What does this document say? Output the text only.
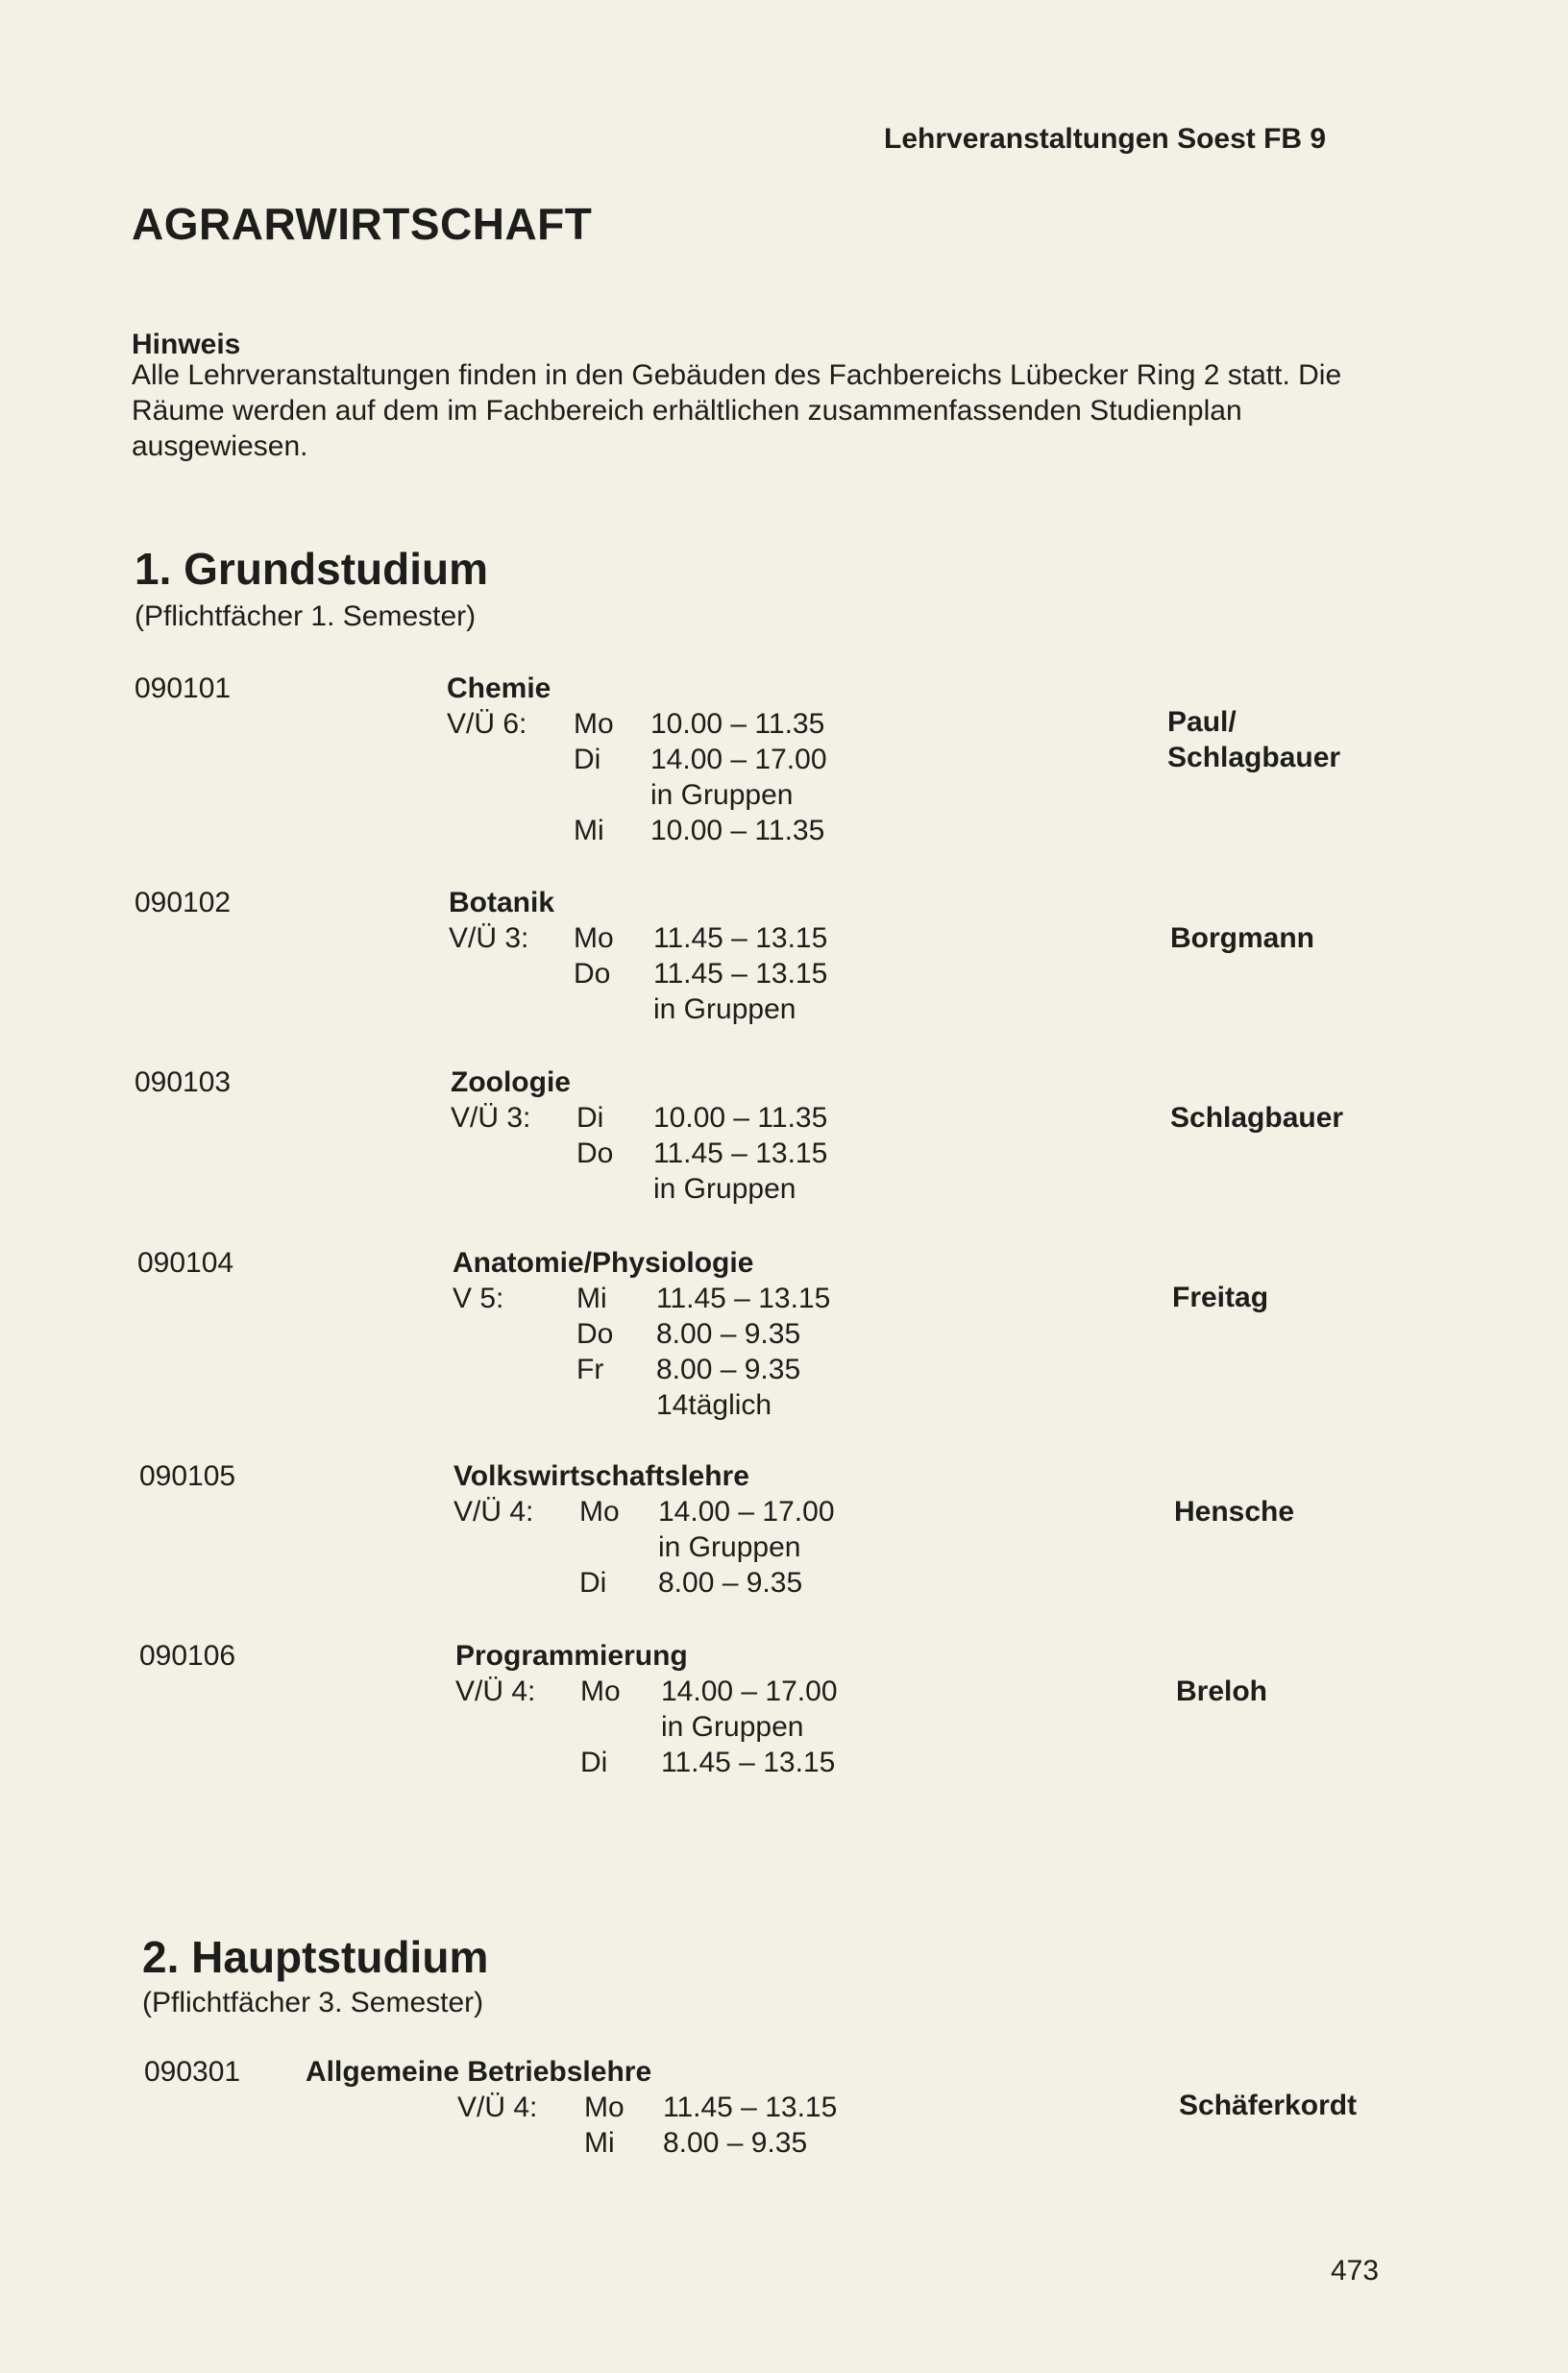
Lehrveranstaltungen Soest FB 9
AGRARWIRTSCHAFT
Hinweis
Alle Lehrveranstaltungen finden in den Gebäuden des Fachbereichs Lübecker Ring 2 statt. Die Räume werden auf dem im Fachbereich erhältlichen zusammenfassenden Studienplan ausgewiesen.
1. Grundstudium
(Pflichtfächer 1. Semester)
2. Hauptstudium
(Pflichtfächer 3. Semester)
090101	Chemie
V/Ü 6: Mo 10.00 – 11.35
Di 14.00 – 17.00
in Gruppen
Mi 10.00 – 11.35
Paul/
Schlagbauer
090102	Botanik
V/Ü 3: Mo 11.45 – 13.15
Do 11.45 – 13.15
in Gruppen
Borgmann
090103	Zoologie
V/Ü 3: Di 10.00 – 11.35
Do 11.45 – 13.15
in Gruppen
Schlagbauer
090104	Anatomie/Physiologie
V 5:	Mi 11.45 – 13.15
Do 8.00 – 9.35
Fr 8.00 – 9.35
14täglich
Freitag
090105	Volkswirtschaftslehre
V/Ü 4: Mo 14.00 – 17.00
in Gruppen
Di 8.00 – 9.35
Hensche
090106	Programmierung
V/Ü 4: Mo 14.00 – 17.00
in Gruppen
Di 11.45 – 13.15
Breloh
090301 Allgemeine Betriebslehre
V/Ü 4: Mo 11.45 – 13.15
Mi 8.00 – 9.35
Schäferkordt
473
